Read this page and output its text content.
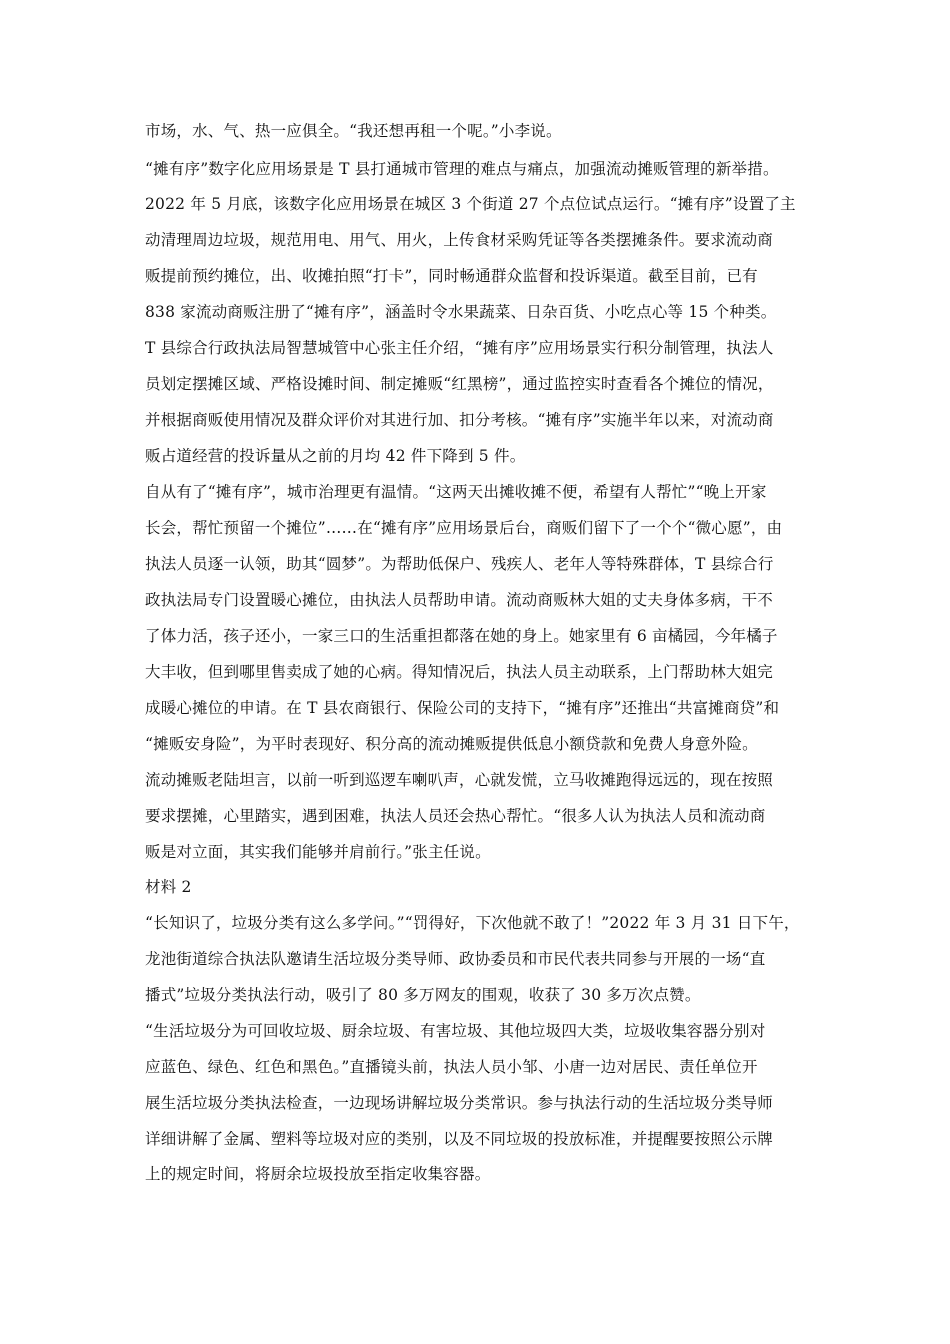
市场，水、气、热一应俱全。“我还想再租一个呢。”小李说。
“摊有序”数字化应用场景是 T 县打通城市管理的难点与痛点，加强流动摊贩管理的新举措。
2022 年 5 月底，该数字化应用场景在城区 3 个街道 27 个点位试点运行。“摊有序”设置了主
动清理周边垃圾，规范用电、用气、用火，上传食材采购凭证等各类摆摊条件。要求流动商
贩提前预约摊位，出、收摊拍照“打卡”，同时畅通群众监督和投诉渠道。截至目前，已有
838 家流动商贩注册了“摊有序”，涵盖时令水果蔬菜、日杂百货、小吃点心等 15 个种类。
T 县综合行政执法局智慧城管中心张主任介绍，“摊有序”应用场景实行积分制管理，执法人
员划定摆摊区域、严格设摊时间、制定摊贩“红黑榜”，通过监控实时查看各个摊位的情况，
并根据商贩使用情况及群众评价对其进行加、扣分考核。“摊有序”实施半年以来，对流动商
贩占道经营的投诉量从之前的月均 42 件下降到 5 件。
自从有了“摊有序”，城市治理更有温情。“这两天出摊收摊不便，希望有人帮忙”“晚上开家
长会，帮忙预留一个摊位”……在“摊有序”应用场景后台，商贩们留下了一个个“微心愿”，由
执法人员逐一认领，助其“圆梦”。为帮助低保户、残疾人、老年人等特殊群体，T 县综合行
政执法局专门设置暖心摊位，由执法人员帮助申请。流动商贩林大姐的丈夫身体多病，干不
了体力活，孩子还小，一家三口的生活重担都落在她的身上。她家里有 6 亩橘园，今年橘子
大丰收，但到哪里售卖成了她的心病。得知情况后，执法人员主动联系，上门帮助林大姐完
成暖心摊位的申请。在 T 县农商银行、保险公司的支持下，“摊有序”还推出“共富摊商贷”和
“摊贩安身险”，为平时表现好、积分高的流动摊贩提供低息小额贷款和免费人身意外险。
流动摊贩老陆坦言，以前一听到巡逻车喇叭声，心就发慌，立马收摊跑得远远的，现在按照
要求摆摊，心里踏实，遇到困难，执法人员还会热心帮忙。“很多人认为执法人员和流动商
贩是对立面，其实我们能够并肩前行。”张主任说。
材料 2
“长知识了，垃圾分类有这么多学问。”“罚得好，下次他就不敢了！”2022 年 3 月 31 日下午，
龙池街道综合执法队邀请生活垃圾分类导师、政协委员和市民代表共同参与开展的一场“直
播式”垃圾分类执法行动，吸引了 80 多万网友的围观，收获了 30 多万次点赞。
“生活垃圾分为可回收垃圾、厨余垃圾、有害垃圾、其他垃圾四大类，垃圾收集容器分别对
应蓝色、绿色、红色和黑色。”直播镜头前，执法人员小邹、小唐一边对居民、责任单位开
展生活垃圾分类执法检查，一边现场讲解垃圾分类常识。参与执法行动的生活垃圾分类导师
详细讲解了金属、塑料等垃圾对应的类别，以及不同垃圾的投放标准，并提醒要按照公示牌
上的规定时间，将厨余垃圾投放至指定收集容器。
